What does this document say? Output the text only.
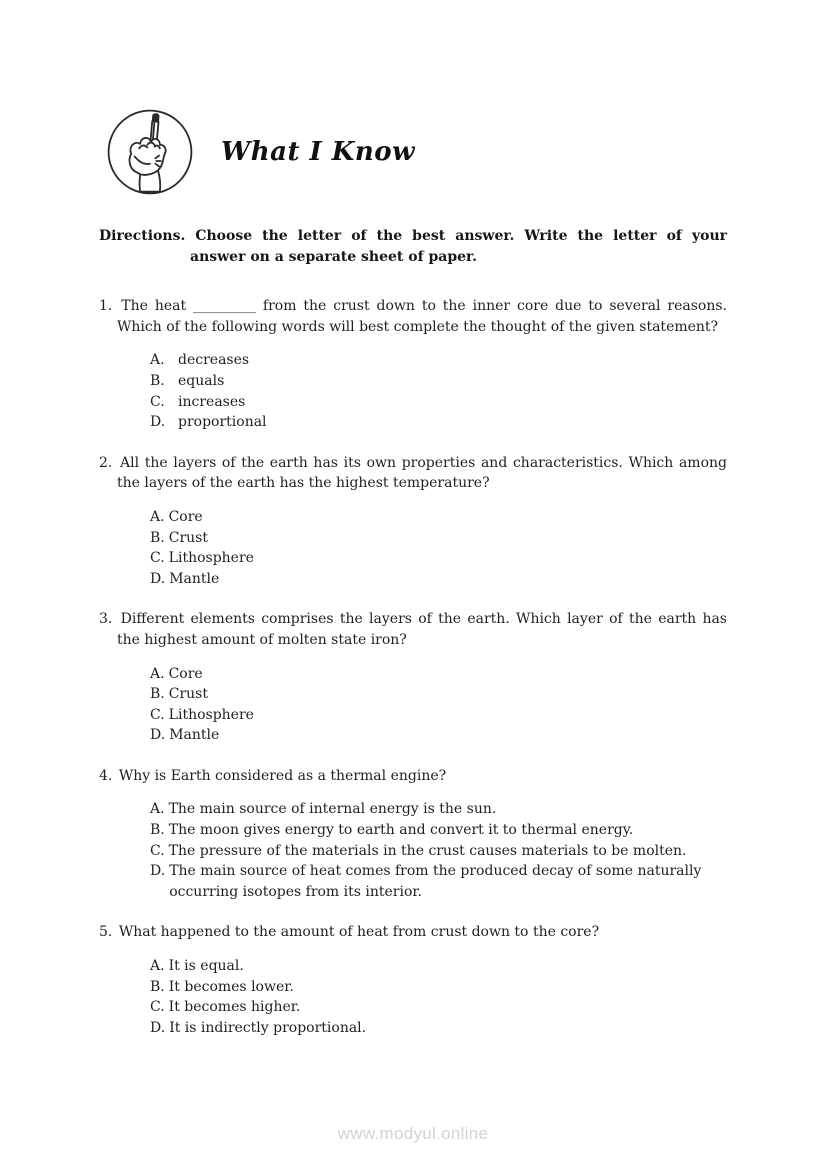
What I Know
Directions. Choose the letter of the best answer. Write the letter of your
answer on a separate sheet of paper.
1. The heat _________ from the crust down to the inner core due to several reasons. Which of the following words will best complete the thought of the given statement?
A. decreases
B. equals
C. increases
D. proportional
2. All the layers of the earth has its own properties and characteristics. Which among the layers of the earth has the highest temperature?
A. Core
B. Crust
C. Lithosphere
D. Mantle
3. Different elements comprises the layers of the earth. Which layer of the earth has the highest amount of molten state iron?
A. Core
B. Crust
C. Lithosphere
D. Mantle
4. Why is Earth considered as a thermal engine?
A. The main source of internal energy is the sun.
B. The moon gives energy to earth and convert it to thermal energy.
C. The pressure of the materials in the crust causes materials to be molten.
D. The main source of heat comes from the produced decay of some naturally occurring isotopes from its interior.
5. What happened to the amount of heat from crust down to the core?
A. It is equal.
B. It becomes lower.
C. It becomes higher.
D. It is indirectly proportional.
www.modyul.online
